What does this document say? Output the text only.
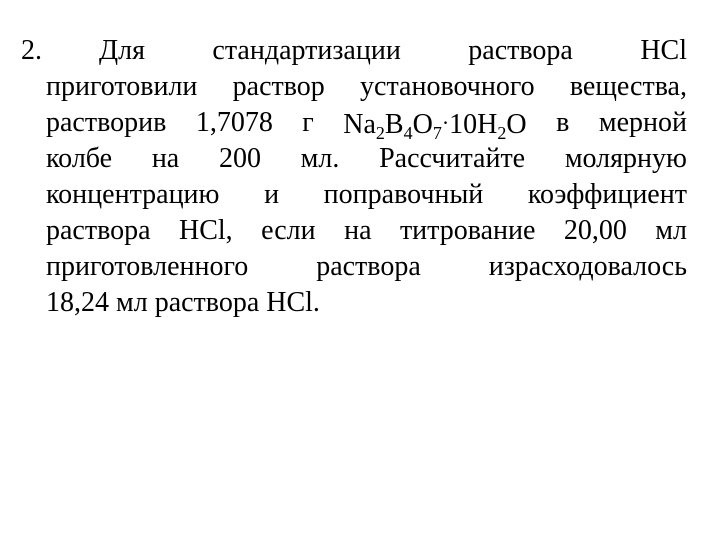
2. Для стандартизации раствора HCl
приготовили раствор установочного вещества,
растворив 1,7078 г $Na_2B_4O_7\cdot 10H_2O$ в мерной
колбе на 200 мл. Рассчитайте молярную
концентрацию и поправочный коэффициент
раствора HCl, если на титрование 20,00 мл
приготовленного раствора израсходовалось
18,24 мл раствора HCl.
